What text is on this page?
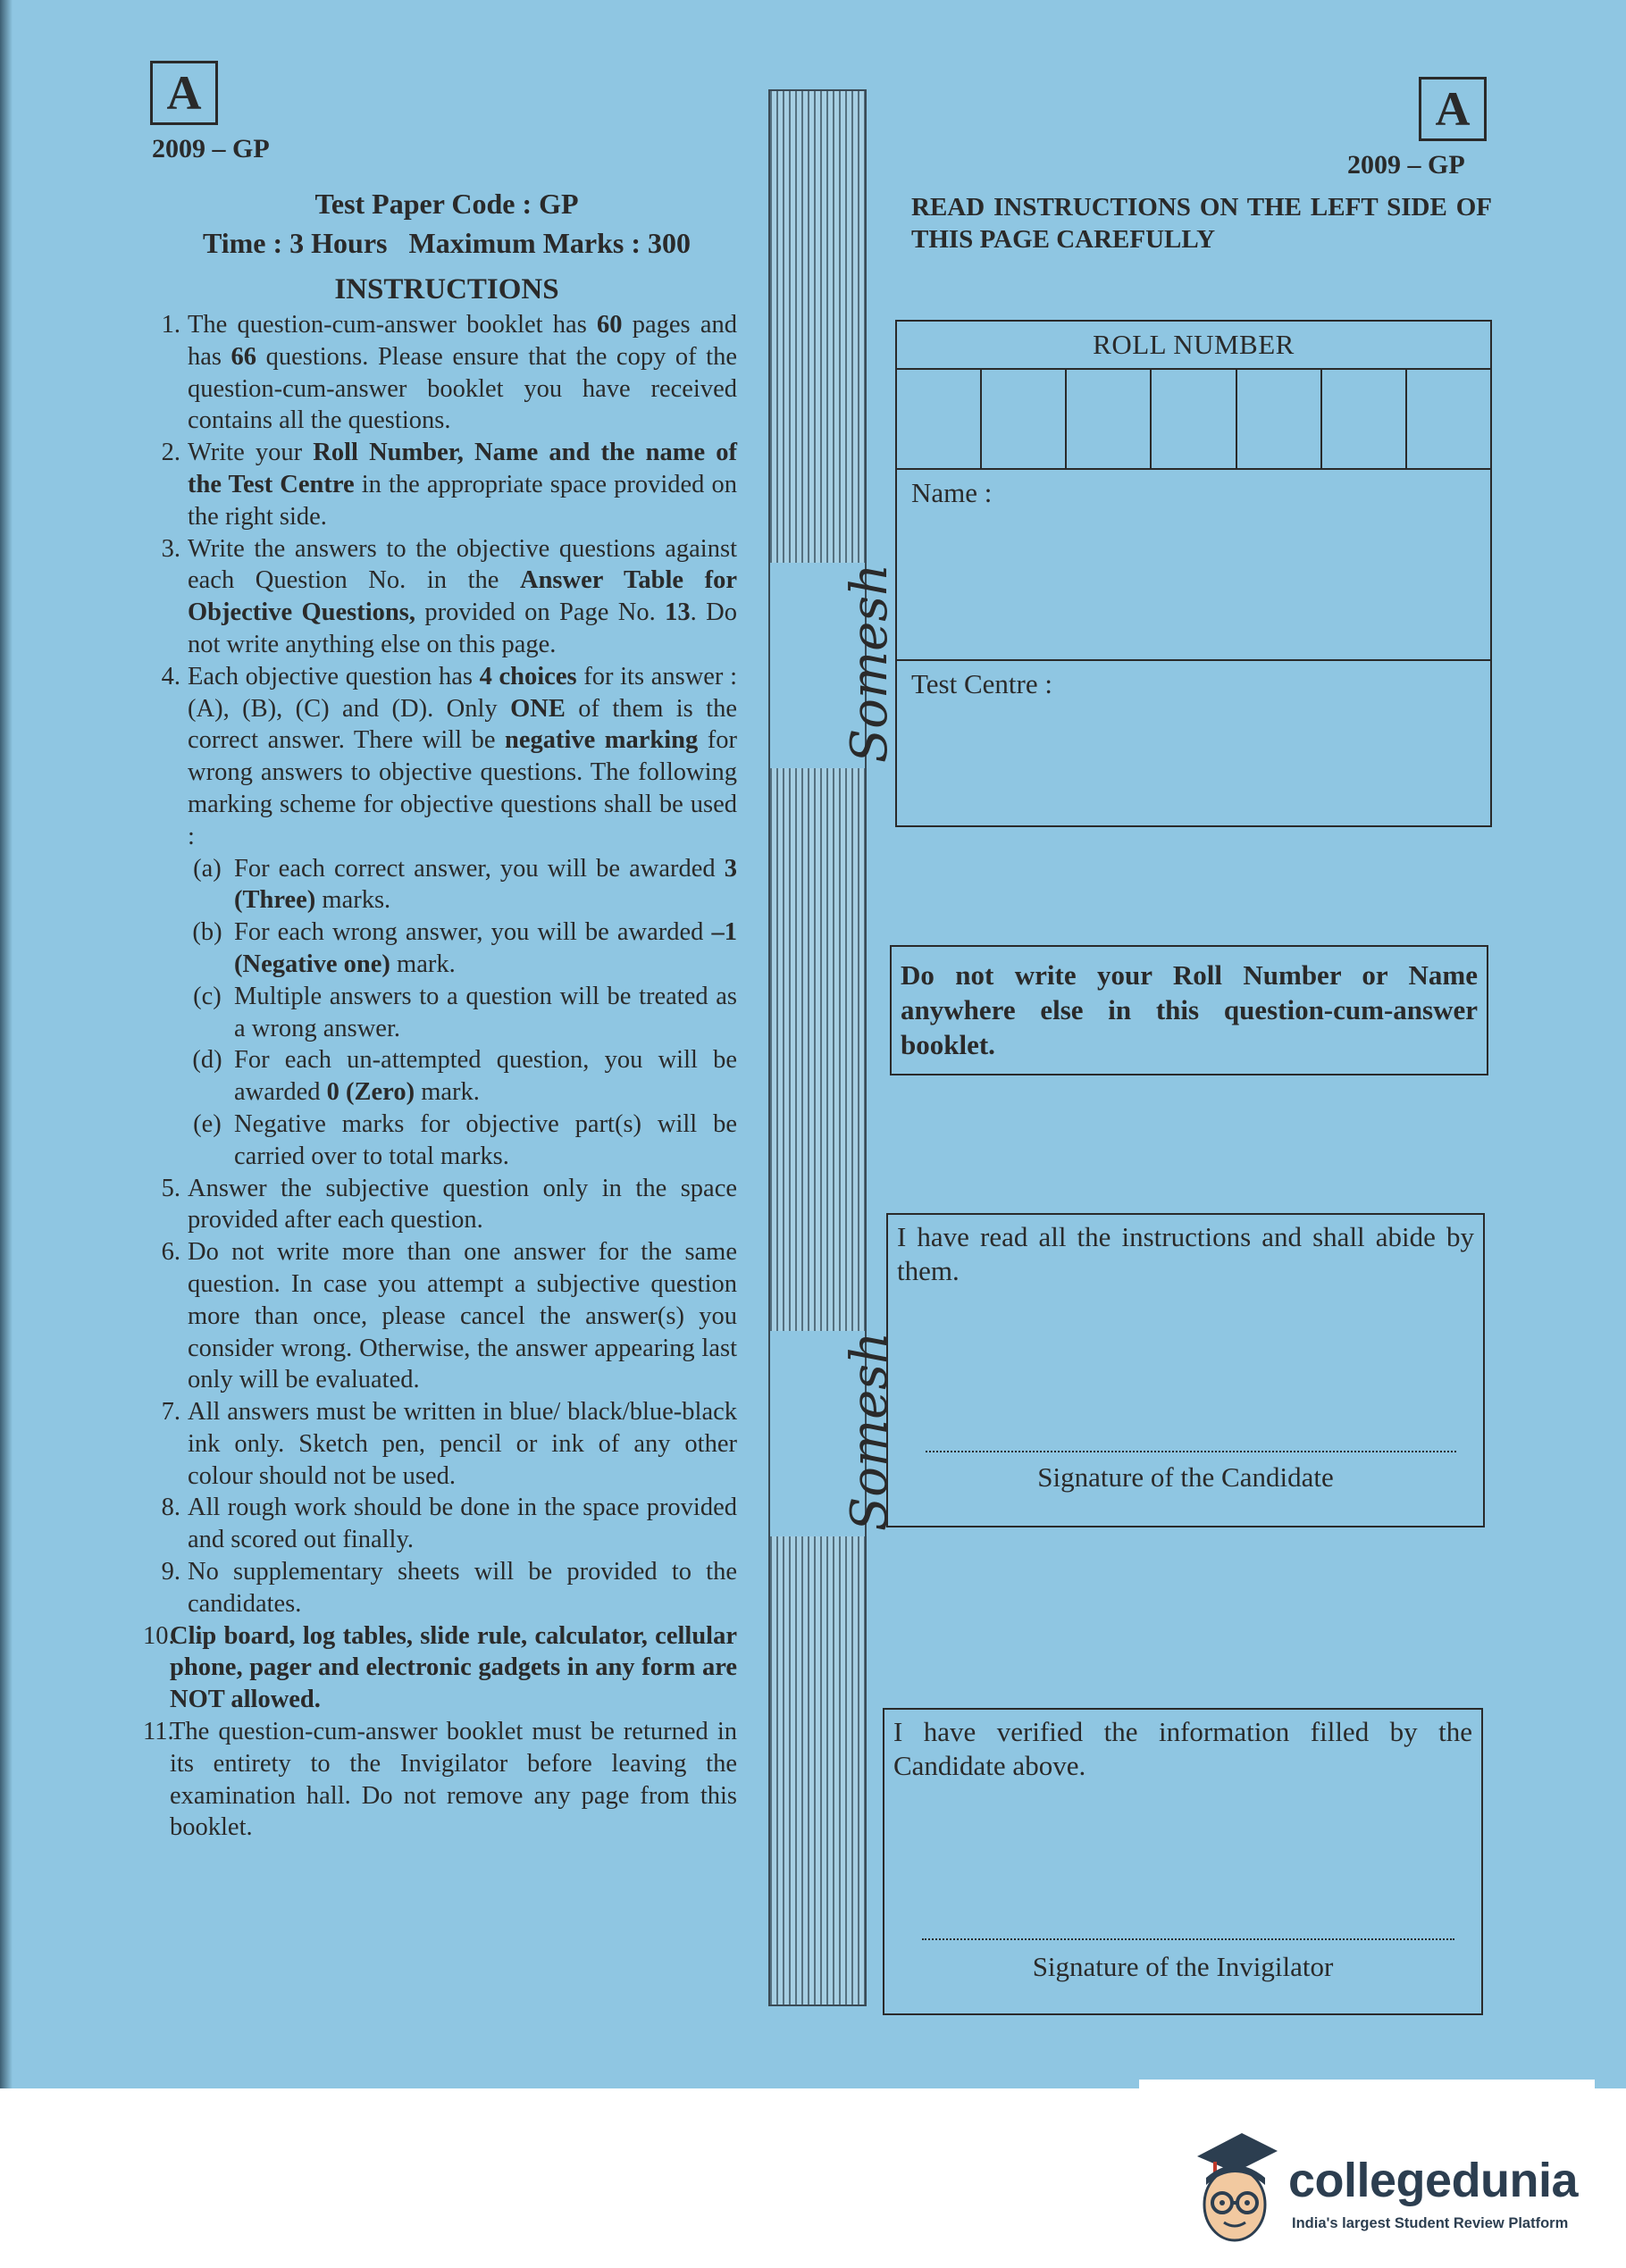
A
2009 – GP
Test Paper Code : GP
Time : 3 Hours   Maximum Marks : 300
INSTRUCTIONS
1. The question-cum-answer booklet has 60 pages and has 66 questions. Please ensure that the copy of the question-cum-answer booklet you have received contains all the questions.
2. Write your Roll Number, Name and the name of the Test Centre in the appropriate space provided on the right side.
3. Write the answers to the objective questions against each Question No. in the Answer Table for Objective Questions, provided on Page No. 13. Do not write anything else on this page.
4. Each objective question has 4 choices for its answer : (A), (B), (C) and (D). Only ONE of them is the correct answer. There will be negative marking for wrong answers to objective questions. The following marking scheme for objective questions shall be used :
(a) For each correct answer, you will be awarded 3 (Three) marks.
(b) For each wrong answer, you will be awarded –1 (Negative one) mark.
(c) Multiple answers to a question will be treated as a wrong answer.
(d) For each un-attempted question, you will be awarded 0 (Zero) mark.
(e) Negative marks for objective part(s) will be carried over to total marks.
5. Answer the subjective question only in the space provided after each question.
6. Do not write more than one answer for the same question. In case you attempt a subjective question more than once, please cancel the answer(s) you consider wrong. Otherwise, the answer appearing last only will be evaluated.
7. All answers must be written in blue/ black/blue-black ink only. Sketch pen, pencil or ink of any other colour should not be used.
8. All rough work should be done in the space provided and scored out finally.
9. No supplementary sheets will be provided to the candidates.
10.
Clip board, log tables, slide rule, calculator, cellular phone, pager and electronic gadgets in any form are NOT allowed.
11.
The question-cum-answer booklet must be returned in its entirety to the Invigilator before leaving the examination hall. Do not remove any page from this booklet.
Somesh
Somesh
A
2009 – GP
READ INSTRUCTIONS ON THE LEFT SIDE OF THIS PAGE CAREFULLY
ROLL NUMBER
Name :
Test Centre :
Do not write your Roll Number or Name anywhere else in this question-cum-answer booklet.
I have read all the instructions and shall abide by them.
Signature of the Candidate
I have verified the information filled by the Candidate above.
Signature of the Invigilator
collegedunia
India's largest Student Review Platform
